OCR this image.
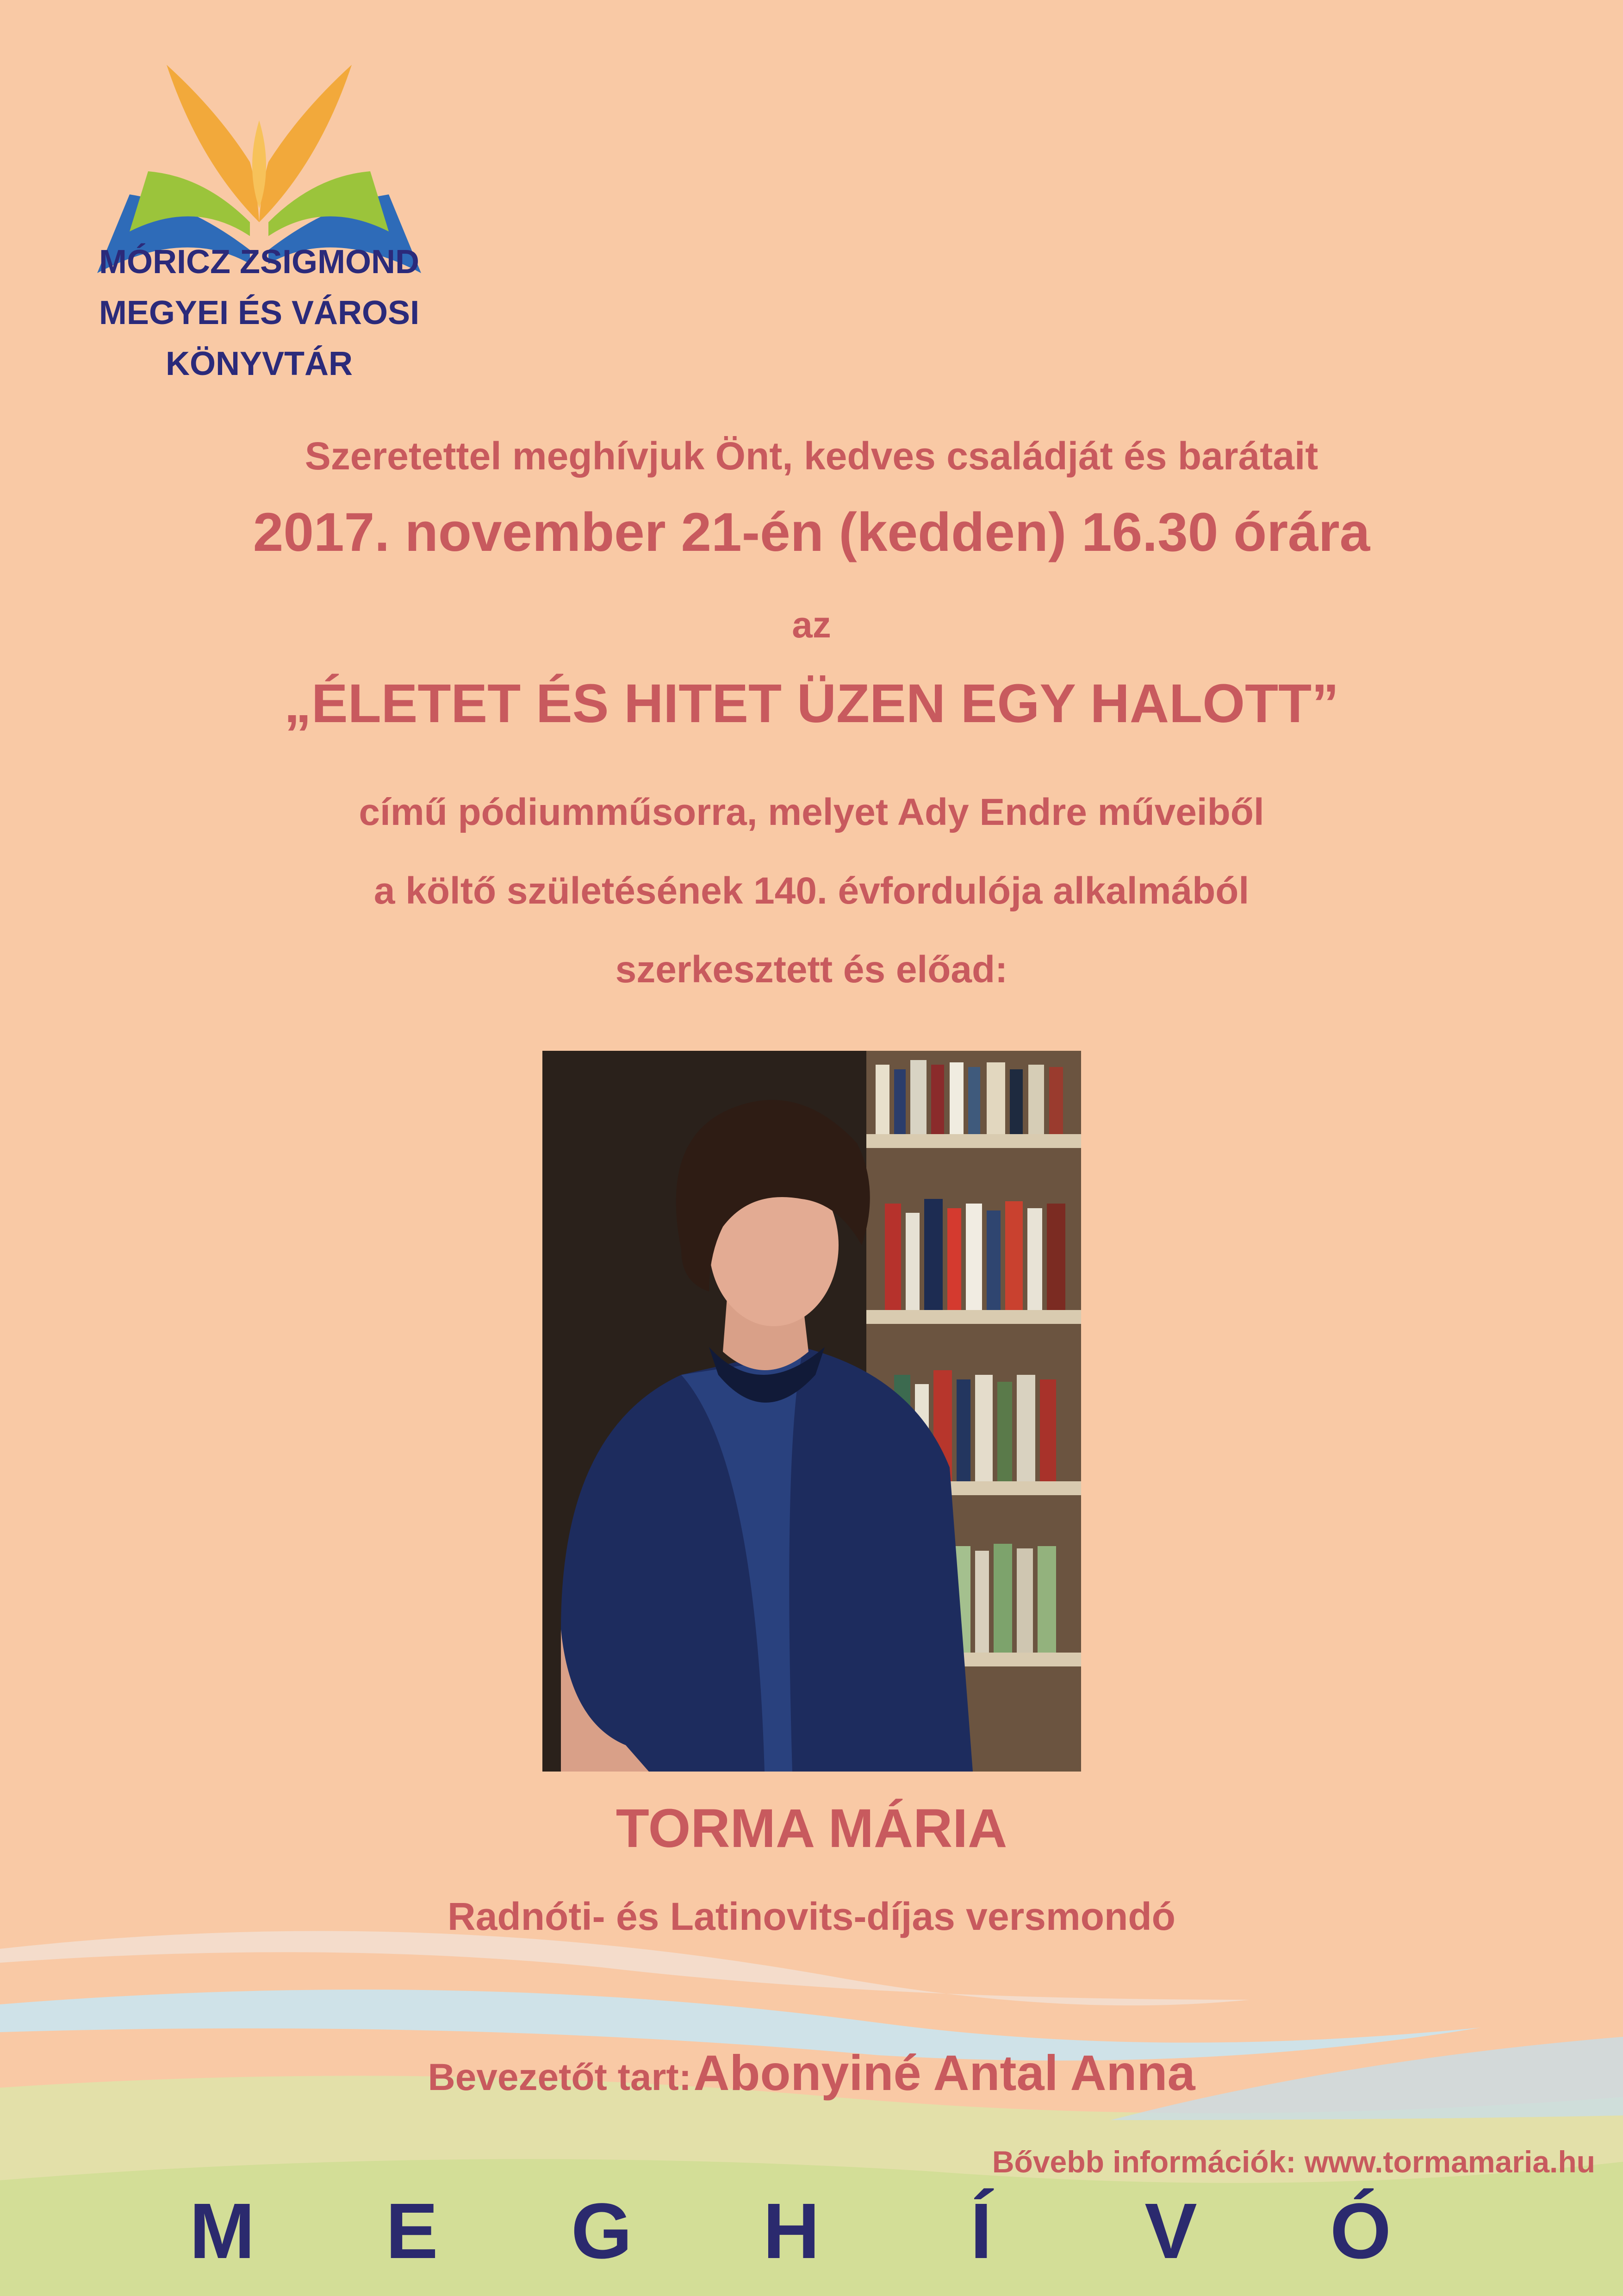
MÓRICZ ZSIGMOND
MEGYEI ÉS VÁROSI
KÖNYVTÁR
Szeretettel meghívjuk Önt, kedves családját és barátait
2017. november 21-én (kedden) 16.30 órára
az
„ÉLETET ÉS HITET ÜZEN EGY HALOTT”
című pódiumműsorra, melyet Ady Endre műveiből
a költő születésének 140. évfordulója alkalmából
szerkesztett és előad:
TORMA MÁRIA
Radnóti- és Latinovits-díjas versmondó
Bevezetőt tart: Abonyiné Antal Anna
Bővebb információk: www.tormamaria.hu
M E G H	Í	V Ó
